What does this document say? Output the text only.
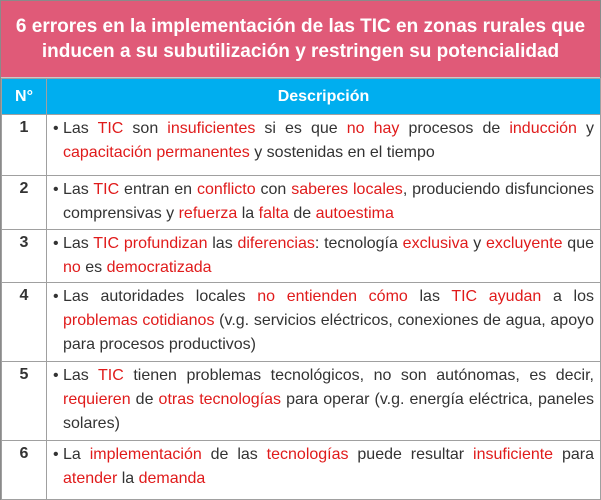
6 errores en la implementación de las TIC en zonas rurales que
inducen a su subutilización y restringen su potencialidad
N°	Descripción
1	• Las TIC son insuficientes si es que no hay procesos de inducción y capacitación permanentes y sostenidas en el tiempo

2	• Las TIC entran en conflicto con saberes locales, produciendo disfunciones comprensivas y refuerza la falta de autoestima

3	• Las TIC profundizan las diferencias: tecnología exclusiva y excluyente que no es democratizada

4	• Las autoridades locales no entienden cómo las TIC ayudan a los problemas cotidianos (v.g. servicios eléctricos, conexiones de agua, apoyo para procesos productivos)

5	• Las TIC tienen problemas tecnológicos, no son autónomas, es decir, requieren de otras tecnologías para operar (v.g. energía eléctrica, paneles solares)

6	• La implementación de las tecnologías puede resultar insuficiente para atender la demanda
